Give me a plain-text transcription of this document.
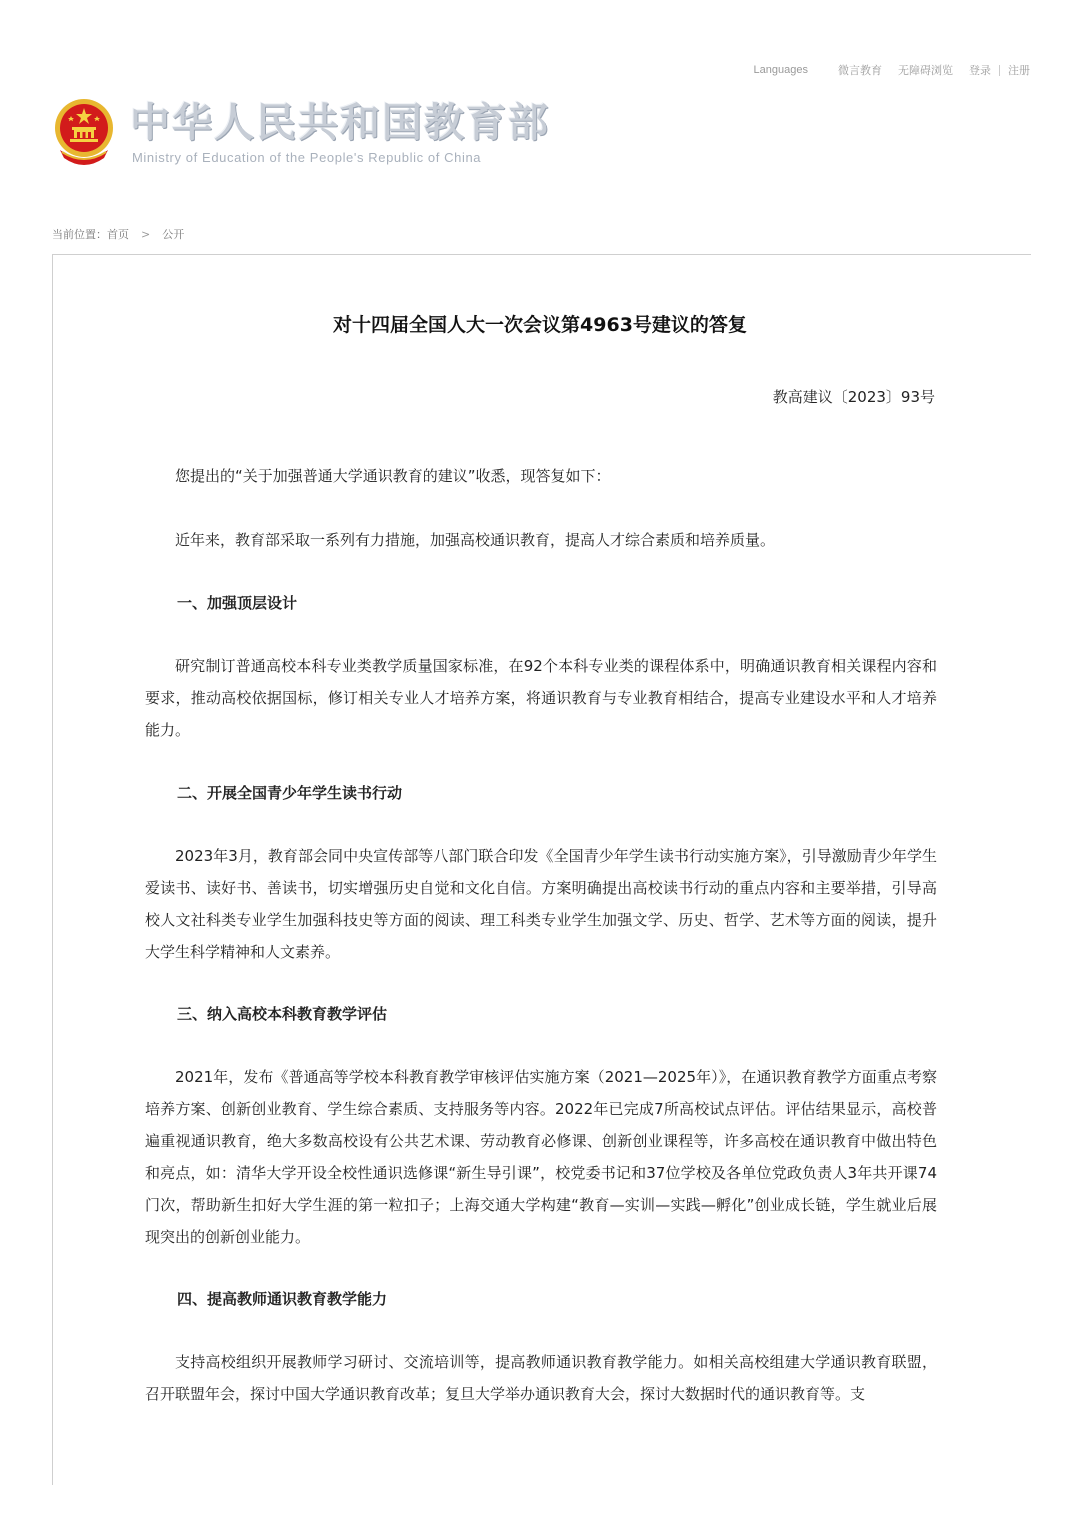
Languages	微言教育 无障碍浏览 登录 注册
中华人民共和国教育部
Ministry of Education of the People's Republic of China
当前位置： 首页 > 公开
对十四届全国人大一次会议第4963号建议的答复
教高建议〔2023〕93号

您提出的“关于加强普通大学通识教育的建议”收悉，现答复如下：

近年来，教育部采取一系列有力措施，加强高校通识教育，提高人才综合素质和培养质量。

一、加强顶层设计

研究制订普通高校本科专业类教学质量国家标准，在92个本科专业类的课程体系中，明确通识教育相关课程内容和要求，推动高校依据国标，修订相关专业人才培养方案，将通识教育与专业教育相结合，提高专业建设水平和人才培养能力。

二、开展全国青少年学生读书行动

2023年3月，教育部会同中央宣传部等八部门联合印发《全国青少年学生读书行动实施方案》，引导激励青少年学生爱读书、读好书、善读书，切实增强历史自觉和文化自信。方案明确提出高校读书行动的重点内容和主要举措，引导高校人文社科类专业学生加强科技史等方面的阅读、理工科类专业学生加强文学、历史、哲学、艺术等方面的阅读，提升大学生科学精神和人文素养。

三、纳入高校本科教育教学评估

2021年，发布《普通高等学校本科教育教学审核评估实施方案（2021—2025年）》，在通识教育教学方面重点考察培养方案、创新创业教育、学生综合素质、支持服务等内容。2022年已完成7所高校试点评估。评估结果显示，高校普遍重视通识教育，绝大多数高校设有公共艺术课、劳动教育必修课、创新创业课程等，许多高校在通识教育中做出特色和亮点，如：清华大学开设全校性通识选修课“新生导引课”，校党委书记和37位学校及各单位党政负责人3年共开课74门次，帮助新生扣好大学生涯的第一粒扣子；上海交通大学构建“教育—实训—实践—孵化”创业成长链，学生就业后展现突出的创新创业能力。

四、提高教师通识教育教学能力

支持高校组织开展教师学习研讨、交流培训等，提高教师通识教育教学能力。如相关高校组建大学通识教育联盟，召开联盟年会，探讨中国大学通识教育改革；复旦大学举办通识教育大会，探讨大数据时代的通识教育等。支
